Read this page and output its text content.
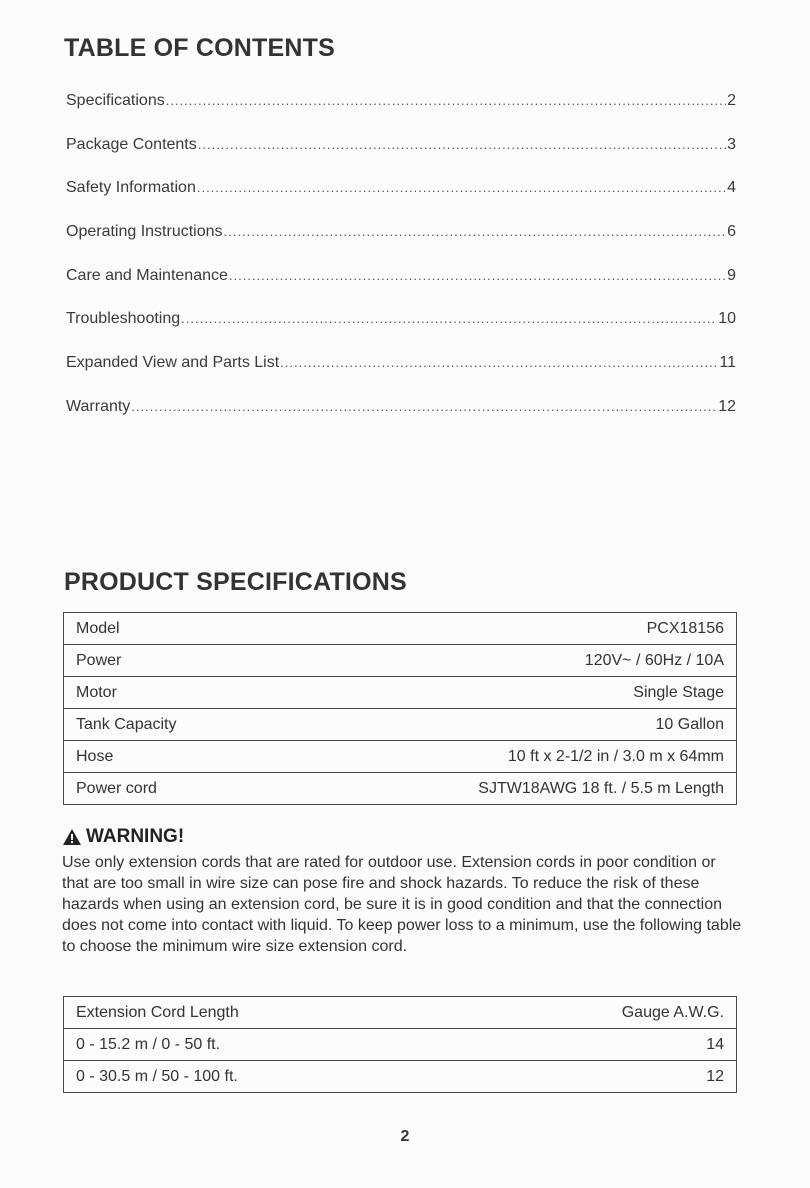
TABLE OF CONTENTS
Specifications .....	2
Package Contents .....	3
Safety Information .....	4
Operating Instructions .....	6
Care and Maintenance .....	9
Troubleshooting .....	10
Expanded View and Parts List .....	11
Warranty .....	12
PRODUCT SPECIFICATIONS
Model	PCX18156
Power	120V~ / 60Hz / 10A
Motor	Single Stage
Tank Capacity	10 Gallon
Hose	10 ft x 2-1/2 in / 3.0 m x 64mm
Power cord	SJTW18AWG 18 ft. / 5.5 m Length
WARNING!

Use only extension cords that are rated for outdoor use. Extension cords in poor condition or that are too small in wire size can pose fire and shock hazards. To reduce the risk of these hazards when using an extension cord, be sure it is in good condition and that the connection does not come into contact with liquid. To keep power loss to a minimum, use the following table to choose the minimum wire size extension cord.

Extension Cord Length	Gauge A.W.G.
0 - 15.2 m / 0 - 50 ft.	14
0 - 30.5 m / 50 - 100 ft.	12
2
